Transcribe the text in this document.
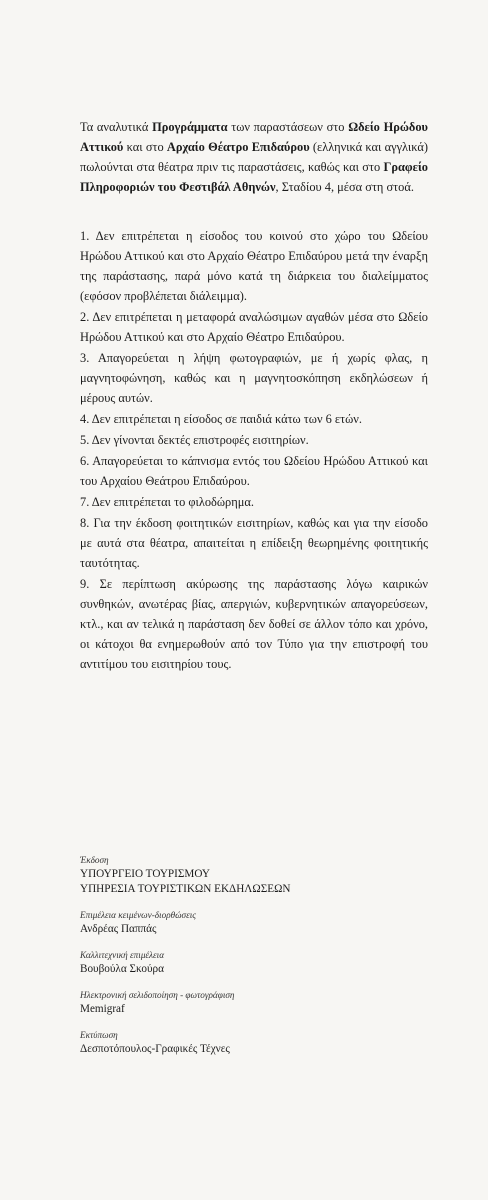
Τα αναλυτικά Προγράμματα των παραστάσεων στο Ωδείο Ηρώδου Αττικού και στο Αρχαίο Θέατρο Επιδαύρου (ελληνικά και αγγλικά) πωλούνται στα θέατρα πριν τις παραστάσεις, καθώς και στο Γραφείο Πληροφοριών του Φεστιβάλ Αθηνών, Σταδίου 4, μέσα στη στοά.

1. Δεν επιτρέπεται η είσοδος του κοινού στο χώρο του Ωδείου Ηρώδου Αττικού και στο Αρχαίο Θέατρο Επιδαύρου μετά την έναρξη της παράστασης, παρά μόνο κατά τη διάρκεια του διαλείμματος (εφόσον προβλέπεται διάλειμμα).

2. Δεν επιτρέπεται η μεταφορά αναλώσιμων αγαθών μέσα στο Ωδείο Ηρώδου Αττικού και στο Αρχαίο Θέατρο Επιδαύρου.

3. Απαγορεύεται η λήψη φωτογραφιών, με ή χωρίς φλας, η μαγνητοφώνηση, καθώς και η μαγνητοσκόπηση εκδηλώσεων ή μέρους αυτών.

4. Δεν επιτρέπεται η είσοδος σε παιδιά κάτω των 6 ετών.

5. Δεν γίνονται δεκτές επιστροφές εισιτηρίων.

6. Απαγορεύεται το κάπνισμα εντός του Ωδείου Ηρώδου Αττικού και του Αρχαίου Θεάτρου Επιδαύρου.

7. Δεν επιτρέπεται το φιλοδώρημα.

8. Για την έκδοση φοιτητικών εισιτηρίων, καθώς και για την είσοδο με αυτά στα θέατρα, απαιτείται η επίδειξη θεωρημένης φοιτητικής ταυτότητας.

9. Σε περίπτωση ακύρωσης της παράστασης λόγω καιρικών συνθηκών, ανωτέρας βίας, απεργιών, κυβερνητικών απαγορεύσεων, κτλ., και αν τελικά η παράσταση δεν δοθεί σε άλλον τόπο και χρόνο, οι κάτοχοι θα ενημερωθούν από τον Τύπο για την επιστροφή του αντιτίμου του εισιτηρίου τους.

Έκδοση
ΥΠΟΥΡΓΕΙΟ ΤΟΥΡΙΣΜΟΥ
ΥΠΗΡΕΣΙΑ ΤΟΥΡΙΣΤΙΚΩΝ ΕΚΔΗΛΩΣΕΩΝ
Επιμέλεια κειμένων-διορθώσεις
Ανδρέας Παππάς
Καλλιτεχνική επιμέλεια
Βουβούλα Σκούρα
Ηλεκτρονική σελιδοποίηση - φωτογράφιση
Memigraf
Εκτύπωση
Δεσποτόπουλος-Γραφικές Τέχνες
